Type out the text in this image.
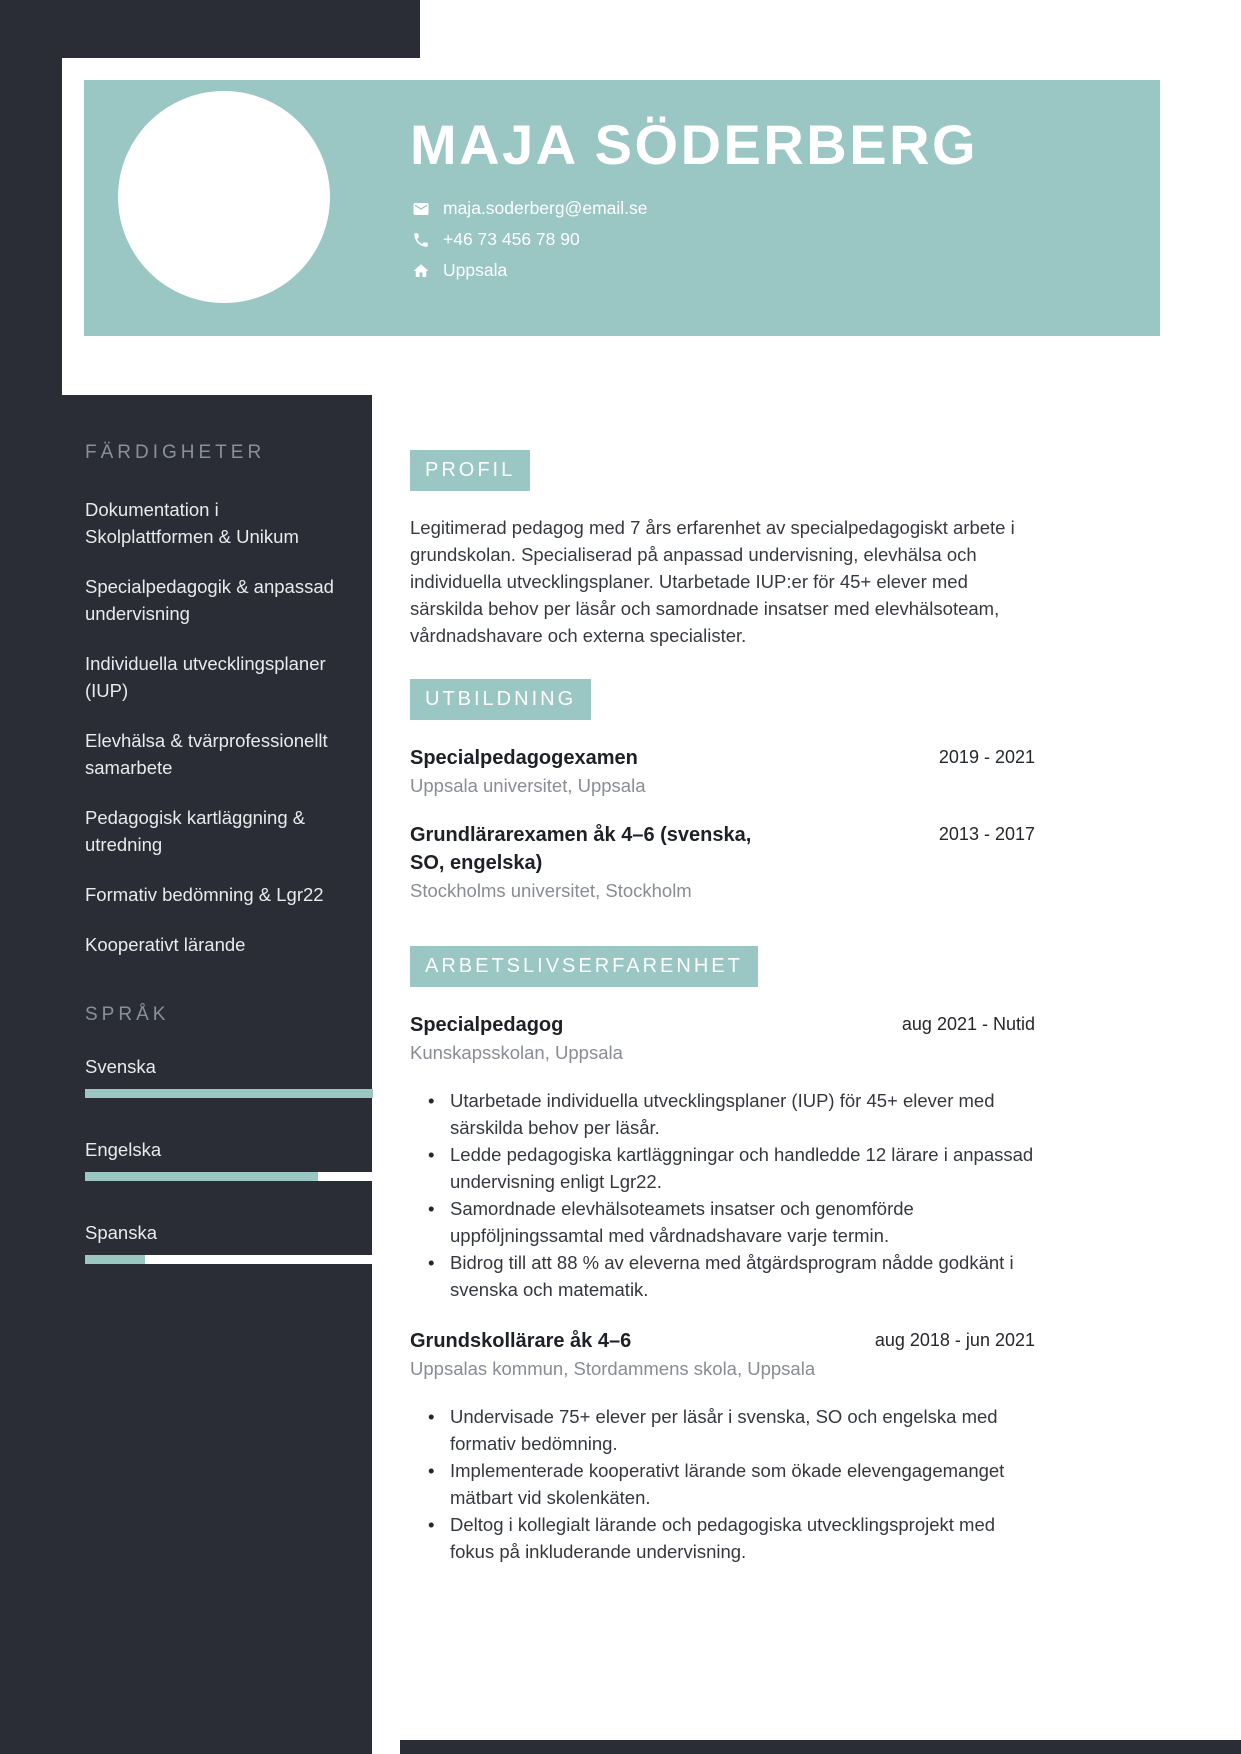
MAJA SÖDERBERG
maja.soderberg@email.se
+46 73 456 78 90
Uppsala
FÄRDIGHETER
Dokumentation i Skolplattformen & Unikum
Specialpedagogik & anpassad undervisning
Individuella utvecklingsplaner (IUP)
Elevhälsa & tvärprofessionellt samarbete
Pedagogisk kartläggning & utredning
Formativ bedömning & Lgr22
Kooperativt lärande
SPRÅK
Svenska
Engelska
Spanska
PROFIL

Legitimerad pedagog med 7 års erfarenhet av specialpedagogiskt arbete i grundskolan. Specialiserad på anpassad undervisning, elevhälsa och individuella utvecklingsplaner. Utarbetade IUP:er för 45+ elever med särskilda behov per läsår och samordnade insatser med elevhälsoteam, vårdnadshavare och externa specialister.

UTBILDNING
Specialpedagogexamen	2019 - 2021
Uppsala universitet, Uppsala
Grundlärarexamen åk 4–6 (svenska, SO, engelska)
2013 - 2017
Stockholms universitet, Stockholm
ARBETSLIVSERFARENHET
Specialpedagog	aug 2021 - Nutid
Kunskapsskolan, Uppsala
• Utarbetade individuella utvecklingsplaner (IUP) för 45+ elever med särskilda behov per läsår.
• Ledde pedagogiska kartläggningar och handledde 12 lärare i anpassad undervisning enligt Lgr22.
• Samordnade elevhälsoteamets insatser och genomförde uppföljningssamtal med vårdnadshavare varje termin.
• Bidrog till att 88 % av eleverna med åtgärdsprogram nådde godkänt i svenska och matematik.
Grundskollärare åk 4–6	aug 2018 - jun 2021
Uppsalas kommun, Stordammens skola, Uppsala
• Undervisade 75+ elever per läsår i svenska, SO och engelska med formativ bedömning.
• Implementerade kooperativt lärande som ökade elevengagemanget mätbart vid skolenkäten.
• Deltog i kollegialt lärande och pedagogiska utvecklingsprojekt med fokus på inkluderande undervisning.
